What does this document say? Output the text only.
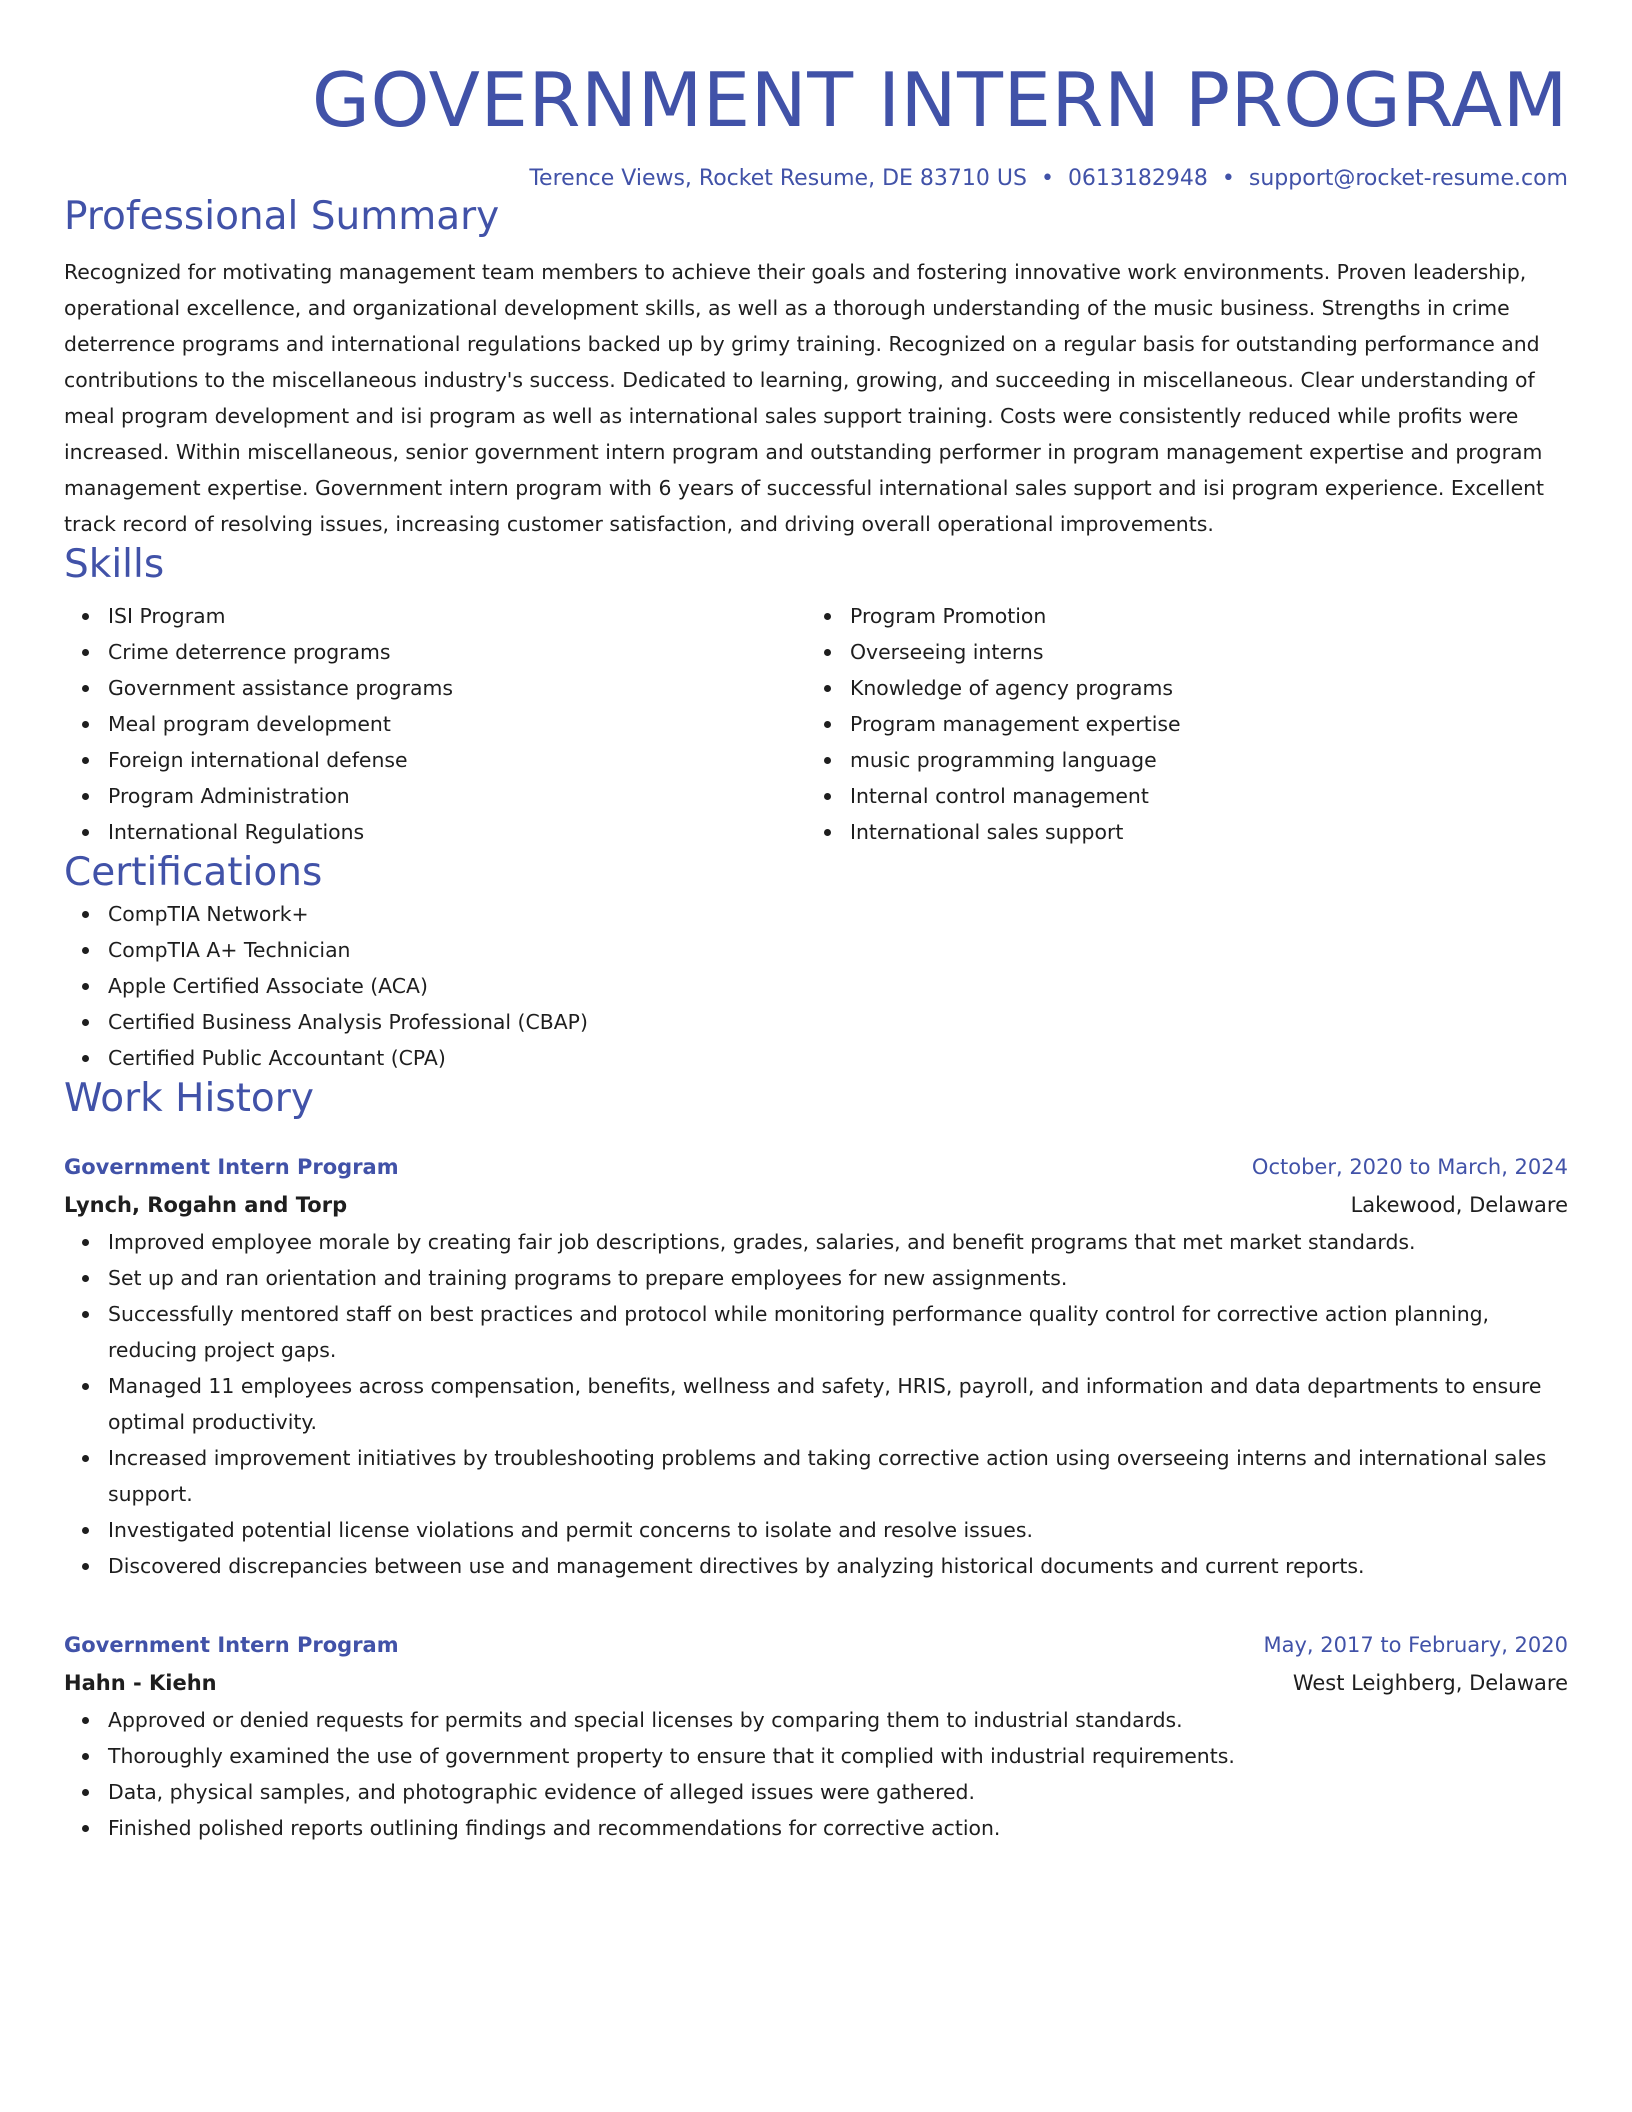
GOVERNMENT INTERN PROGRAM
Terence Views, Rocket Resume, DE 83710 US • 0613182948 • support@rocket-resume.com
Professional Summary
Recognized for motivating management team members to achieve their goals and fostering innovative work environments. Proven leadership, operational excellence, and organizational development skills, as well as a thorough understanding of the music business. Strengths in crime deterrence programs and international regulations backed up by grimy training. Recognized on a regular basis for outstanding performance and contributions to the miscellaneous industry's success. Dedicated to learning, growing, and succeeding in miscellaneous. Clear understanding of meal program development and isi program as well as international sales support training. Costs were consistently reduced while profits were increased. Within miscellaneous, senior government intern program and outstanding performer in program management expertise and program management expertise. Government intern program with 6 years of successful international sales support and isi program experience. Excellent track record of resolving issues, increasing customer satisfaction, and driving overall operational improvements.
Skills
ISI Program
Crime deterrence programs
Government assistance programs
Meal program development
Foreign international defense
Program Administration
International Regulations
Program Promotion
Overseeing interns
Knowledge of agency programs
Program management expertise
music programming language
Internal control management
International sales support
Certifications
CompTIA Network+
CompTIA A+ Technician
Apple Certified Associate (ACA)
Certified Business Analysis Professional (CBAP)
Certified Public Accountant (CPA)
Work History
Government Intern Program	October, 2020 to March, 2024
Lynch, Rogahn and Torp	Lakewood, Delaware
Improved employee morale by creating fair job descriptions, grades, salaries, and benefit programs that met market standards.
Set up and ran orientation and training programs to prepare employees for new assignments.
Successfully mentored staff on best practices and protocol while monitoring performance quality control for corrective action planning, reducing project gaps.
Managed 11 employees across compensation, benefits, wellness and safety, HRIS, payroll, and information and data departments to ensure optimal productivity.
Increased improvement initiatives by troubleshooting problems and taking corrective action using overseeing interns and international sales support.
Investigated potential license violations and permit concerns to isolate and resolve issues.
Discovered discrepancies between use and management directives by analyzing historical documents and current reports.
Government Intern Program	May, 2017 to February, 2020
Hahn - Kiehn	West Leighberg, Delaware
Approved or denied requests for permits and special licenses by comparing them to industrial standards.
Thoroughly examined the use of government property to ensure that it complied with industrial requirements.
Data, physical samples, and photographic evidence of alleged issues were gathered.
Finished polished reports outlining findings and recommendations for corrective action.
